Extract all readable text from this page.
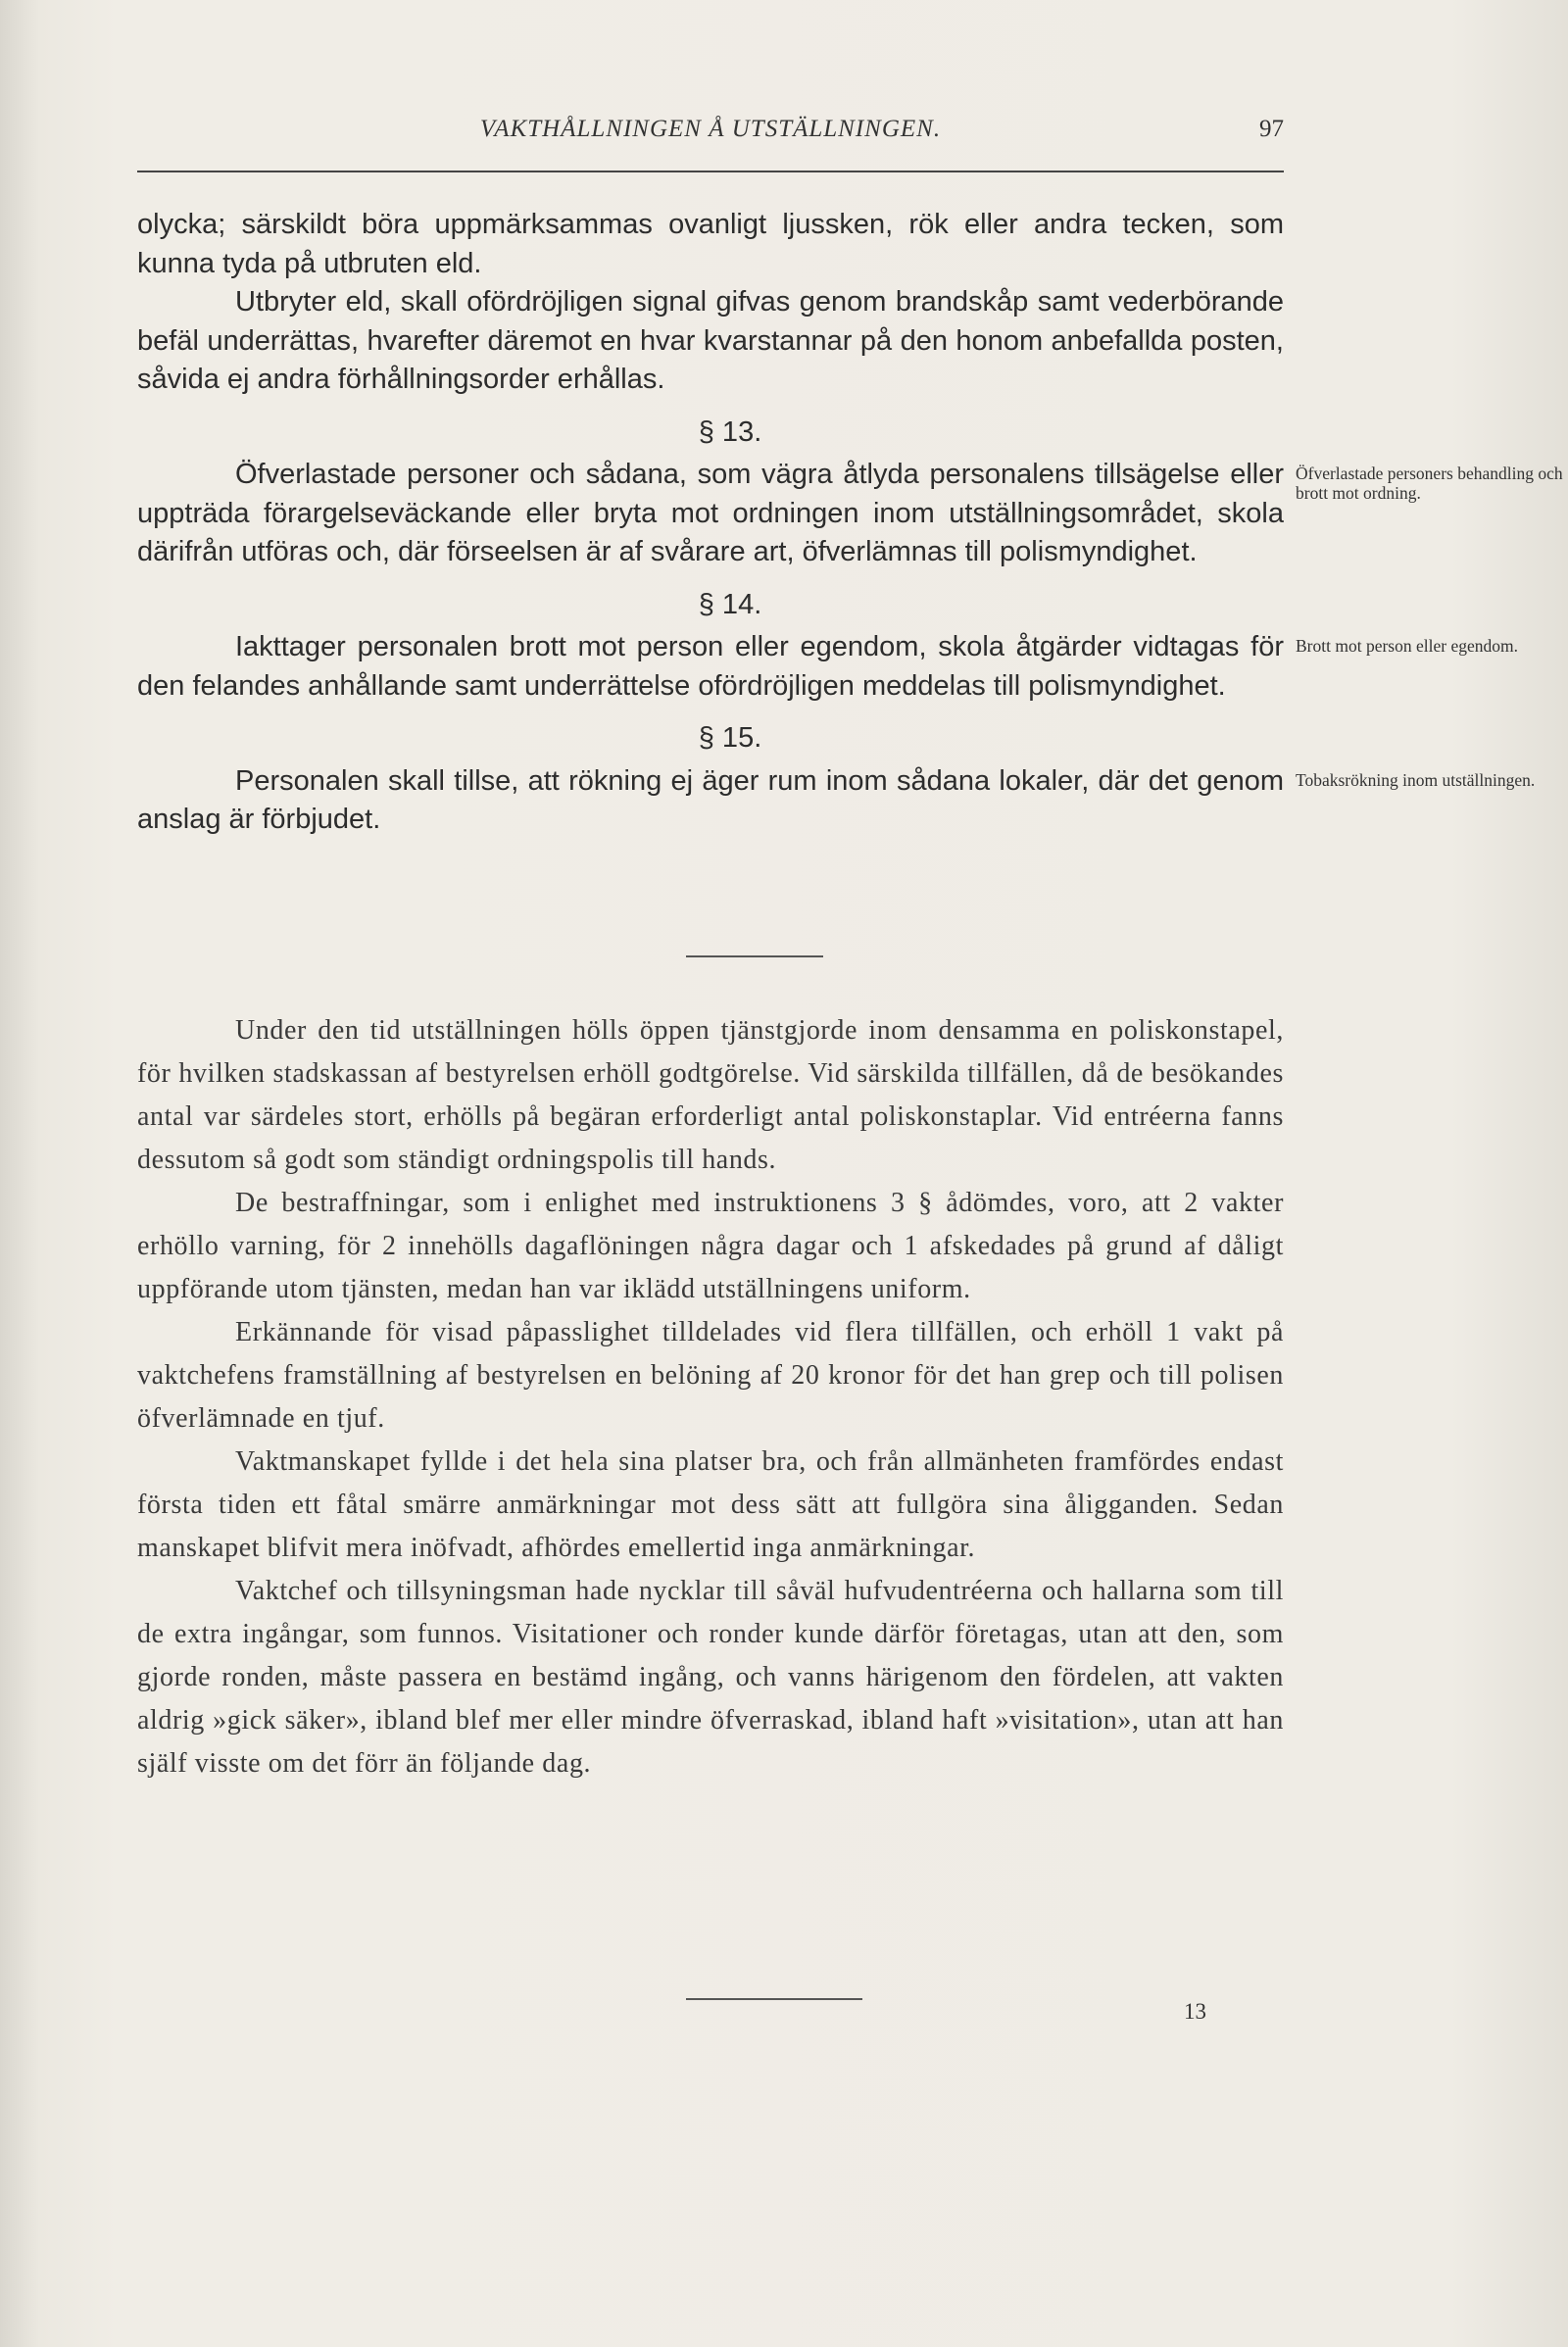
VAKTHÅLLNINGEN Å UTSTÄLLNINGEN.	97

olycka; särskildt böra uppmärksammas ovanligt ljussken, rök eller andra tecken, som kunna tyda på utbruten eld.

Utbryter eld, skall ofördröjligen signal gifvas genom brandskåp samt vederbörande befäl underrättas, hvarefter däremot en hvar kvarstannar på den honom anbefallda posten, såvida ej andra förhållningsorder erhållas.

§ 13.

Öfverlastade personer och sådana, som vägra åtlyda personalens tillsägelse eller uppträda förargelseväckande eller bryta mot ordningen inom utställningsområdet, skola därifrån utföras och, där förseelsen är af svårare art, öfverlämnas till polismyndighet.

Öfverlastade personers behandling och brott mot ordning.
§ 14.

Iakttager personalen brott mot person eller egendom, skola åtgärder vidtagas för den felandes anhållande samt underrättelse ofördröjligen meddelas till polismyndighet.

Brott mot person eller egendom.
§ 15.

Personalen skall tillse, att rökning ej äger rum inom sådana lokaler, där det genom anslag är förbjudet.

Tobaksrökning inom utställningen.

Under den tid utställningen hölls öppen tjänstgjorde inom densamma en poliskonstapel, för hvilken stadskassan af bestyrelsen erhöll godtgörelse. Vid särskilda tillfällen, då de besökandes antal var särdeles stort, erhölls på begäran erforderligt antal poliskonstaplar. Vid entréerna fanns dessutom så godt som ständigt ordningspolis till hands.

De bestraffningar, som i enlighet med instruktionens 3 § ådömdes, voro, att 2 vakter erhöllo varning, för 2 innehölls dagaflöningen några dagar och 1 afskedades på grund af dåligt uppförande utom tjänsten, medan han var iklädd utställningens uniform.

Erkännande för visad påpasslighet tilldelades vid flera tillfällen, och erhöll 1 vakt på vaktchefens framställning af bestyrelsen en belöning af 20 kronor för det han grep och till polisen öfverlämnade en tjuf.

Vaktmanskapet fyllde i det hela sina platser bra, och från allmänheten framfördes endast första tiden ett fåtal smärre anmärkningar mot dess sätt att fullgöra sina åligganden. Sedan manskapet blifvit mera inöfvadt, afhördes emellertid inga anmärkningar.

Vaktchef och tillsyningsman hade nycklar till såväl hufvudentréerna och hallarna som till de extra ingångar, som funnos. Visitationer och ronder kunde därför företagas, utan att den, som gjorde ronden, måste passera en bestämd ingång, och vanns härigenom den fördelen, att vakten aldrig »gick säker», ibland blef mer eller mindre öfverraskad, ibland haft »visitation», utan att han själf visste om det förr än följande dag.

13
